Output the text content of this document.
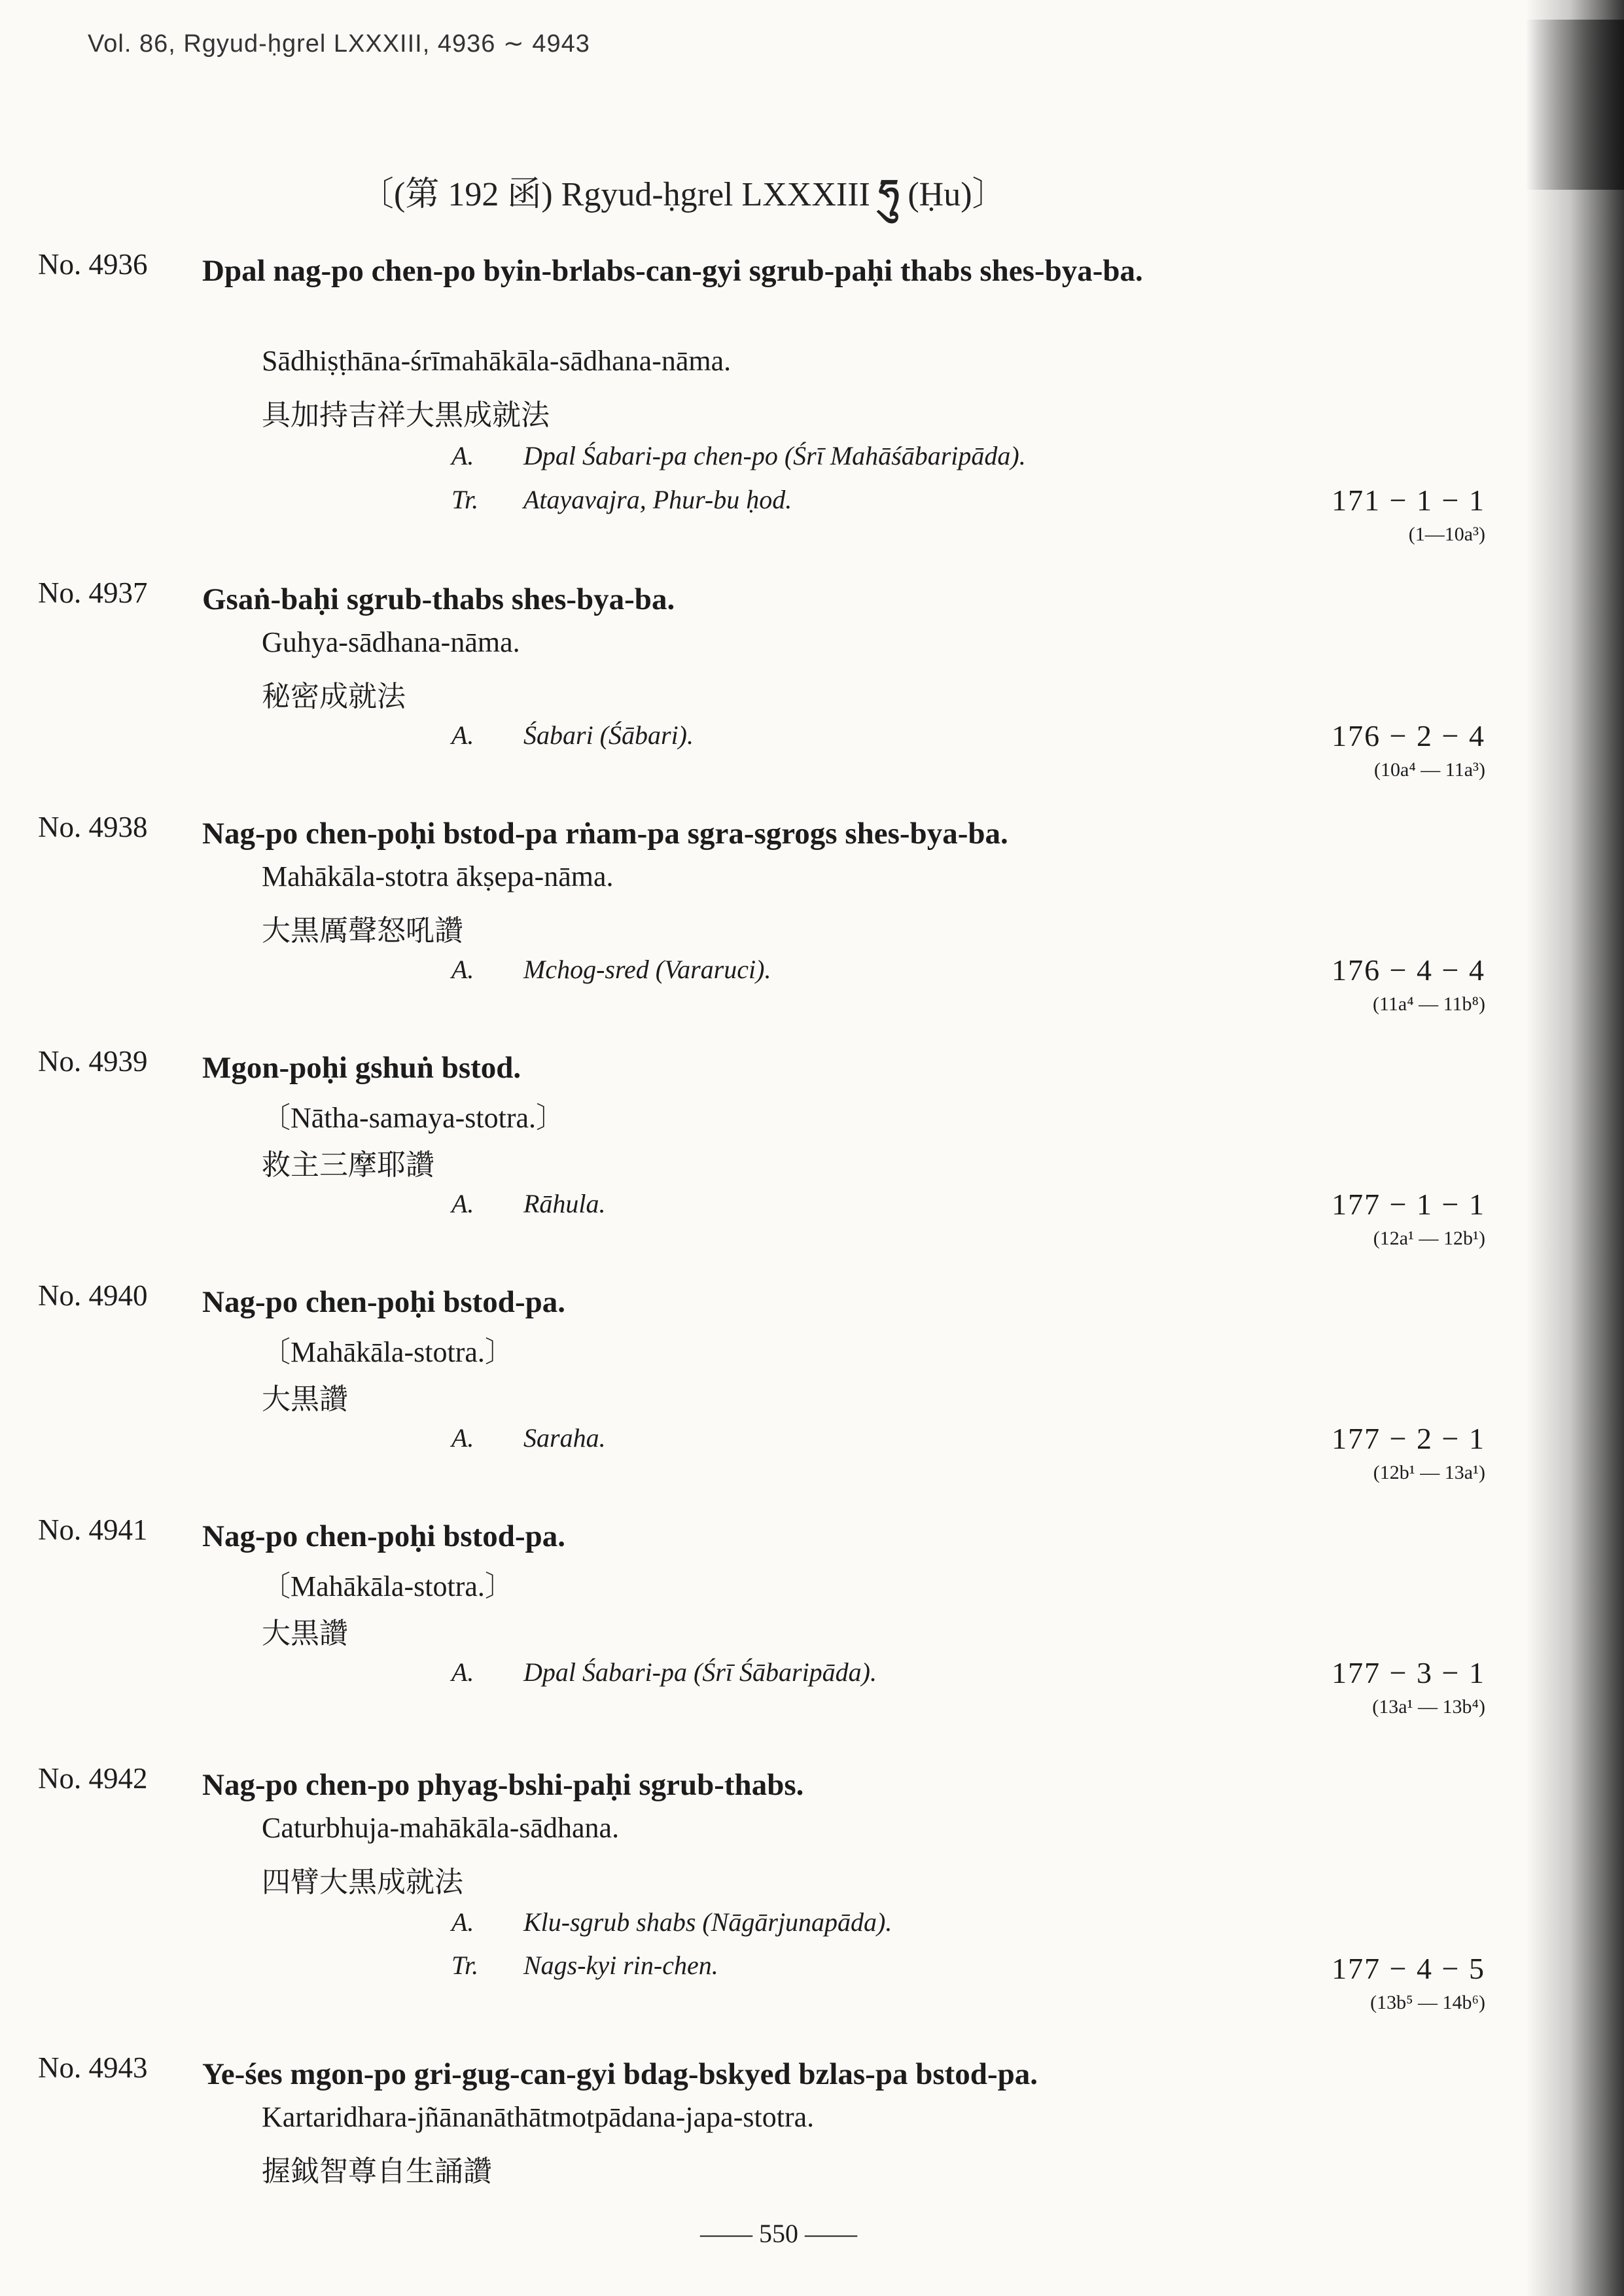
Vol. 86, Rgyud-ḥgrel LXXXIII, 4936 ∼ 4943
〔(第 192 函) Rgyud-ḥgrel LXXXIII ཧུ (Ḥu)〕
No. 4936 Dpal nag-po chen-po byin-brlabs-can-gyi sgrub-paḥi thabs shes-bya-ba.
Sādhiṣṭhāna-śrīmahākāla-sādhana-nāma.
具加持吉祥大黒成就法
A. Dpal Śabari-pa chen-po (Śrī Mahāśābaripāda).
Tr. Atayavajra, Phur-bu ḥod.	171 − 1 − 1
(1—10a³)
No. 4937 Gsaṅ-baḥi sgrub-thabs shes-bya-ba.
Guhya-sādhana-nāma.
秘密成就法
A. Śabari (Śābari).	176 − 2 − 4
(10a⁴ — 11a³)
No. 4938 Nag-po chen-poḥi bstod-pa rṅam-pa sgra-sgrogs shes-bya-ba.
Mahākāla-stotra ākṣepa-nāma.
大黒厲聲怒吼讚
A. Mchog-sred (Vararuci).	176 − 4 − 4
(11a⁴ — 11b⁸)
No. 4939 Mgon-poḥi gshuṅ bstod.
〔Nātha-samaya-stotra.〕
救主三摩耶讚
A. Rāhula.	177 − 1 − 1
(12a¹ — 12b¹)
No. 4940 Nag-po chen-poḥi bstod-pa.
〔Mahākāla-stotra.〕
大黒讚
A. Saraha.	177 − 2 − 1
(12b¹ — 13a¹)
No. 4941 Nag-po chen-poḥi bstod-pa.
〔Mahākāla-stotra.〕
大黒讚
A. Dpal Śabari-pa (Śrī Śābaripāda).	177 − 3 − 1
(13a¹ — 13b⁴)
No. 4942 Nag-po chen-po phyag-bshi-paḥi sgrub-thabs.
Caturbhuja-mahākāla-sādhana.
四臂大黒成就法
A. Klu-sgrub shabs (Nāgārjunapāda).
Tr. Nags-kyi rin-chen.	177 − 4 − 5
(13b⁵ — 14b⁶)
No. 4943 Ye-śes mgon-po gri-gug-can-gyi bdag-bskyed bzlas-pa bstod-pa.
Kartaridhara-jñānanāthātmotpādana-japa-stotra.
握鉞智尊自生誦讚
—— 550 ——
